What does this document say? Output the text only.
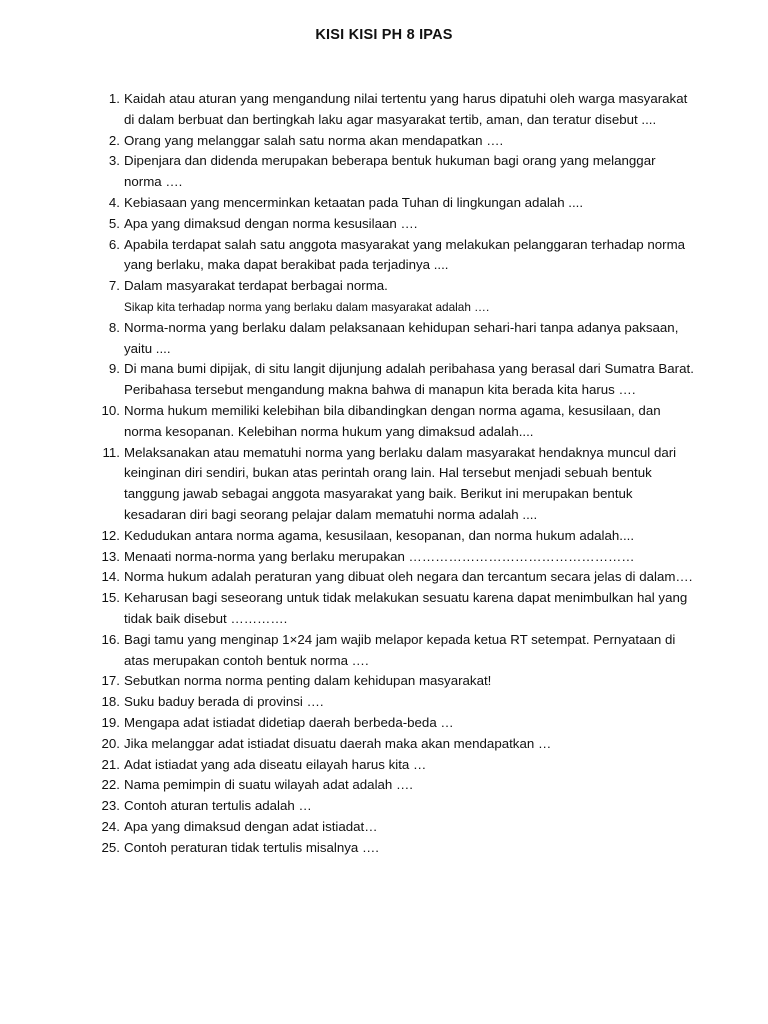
KISI KISI PH 8 IPAS
1. Kaidah atau aturan yang mengandung nilai tertentu yang harus dipatuhi oleh warga masyarakat
di dalam berbuat dan bertingkah laku agar masyarakat tertib, aman, dan teratur disebut ....
2. Orang yang melanggar salah satu norma akan mendapatkan ….
3. Dipenjara dan didenda merupakan beberapa bentuk hukuman bagi orang yang melanggar
norma ….
4. Kebiasaan yang mencerminkan ketaatan pada Tuhan di lingkungan adalah ....
5. Apa yang dimaksud dengan norma kesusilaan ….
6. Apabila terdapat salah satu anggota masyarakat yang melakukan pelanggaran terhadap norma
yang berlaku, maka dapat berakibat pada terjadinya ....
7. Dalam masyarakat terdapat berbagai norma.
Sikap kita terhadap norma yang berlaku dalam masyarakat adalah ….
8. Norma-norma yang berlaku dalam pelaksanaan kehidupan sehari-hari tanpa adanya paksaan,
yaitu ....
9. Di mana bumi dipijak, di situ langit dijunjung adalah peribahasa yang berasal dari Sumatra Barat.
Peribahasa tersebut mengandung makna bahwa di manapun kita berada kita harus ….
10. Norma hukum memiliki kelebihan bila dibandingkan dengan norma agama, kesusilaan, dan
norma kesopanan. Kelebihan norma hukum yang dimaksud adalah....
11. Melaksanakan atau mematuhi norma yang berlaku dalam masyarakat hendaknya muncul dari
keinginan diri sendiri, bukan atas perintah orang lain. Hal tersebut menjadi sebuah bentuk
tanggung jawab sebagai anggota masyarakat yang baik. Berikut ini merupakan bentuk
kesadaran diri bagi seorang pelajar dalam mematuhi norma adalah ....
12. Kedudukan antara norma agama, kesusilaan, kesopanan, dan norma hukum adalah....
13. Menaati norma-norma yang berlaku merupakan ……………………………………………
14. Norma hukum adalah peraturan yang dibuat oleh negara dan tercantum secara jelas di dalam….
15. Keharusan bagi seseorang untuk tidak melakukan sesuatu karena dapat menimbulkan hal yang
tidak baik disebut ………….
16. Bagi tamu yang menginap 1×24 jam wajib melapor kepada ketua RT setempat. Pernyataan di
atas merupakan contoh bentuk norma ….
17. Sebutkan norma norma penting dalam kehidupan masyarakat!
18. Suku baduy berada di provinsi ….
19. Mengapa adat istiadat didetiap daerah berbeda-beda …
20. Jika melanggar adat istiadat disuatu daerah maka akan mendapatkan …
21. Adat istiadat yang ada diseatu eilayah harus kita …
22. Nama pemimpin di suatu wilayah adat adalah ….
23. Contoh aturan tertulis adalah …
24. Apa yang dimaksud dengan adat istiadat…
25. Contoh peraturan tidak tertulis misalnya ….
